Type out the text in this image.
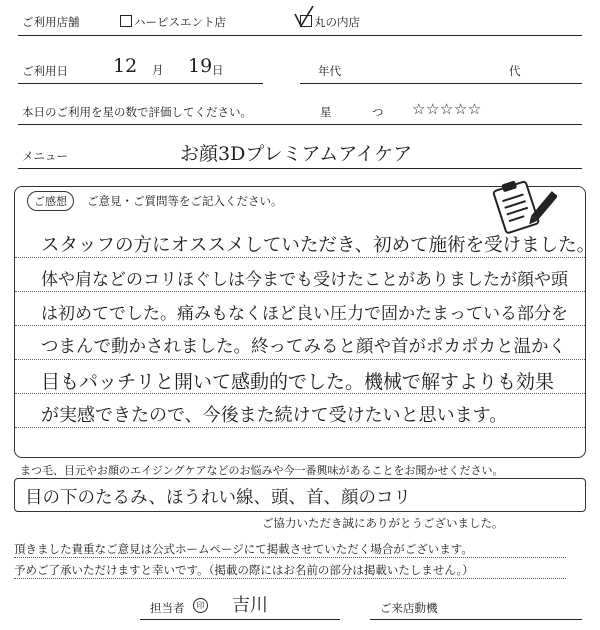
ご利用店舗	ハービスエント店	丸の内店
ご利用日 12 月 19 日	年代	代
本日のご利用を星の数で評価してください。	星	つ ☆☆☆☆☆
メニュー	お顔3Dプレミアムアイケア
ご感想	ご意見・ご質問等をご記入ください。
スタッフの方にオススメしていただき、初めて施術を受けました。
体や肩などのコリほぐしは今までも受けたことがありましたが顔や頭
は初めてでした。痛みもなくほど良い圧力で固かたまっている部分を
つまんで動かされました。終ってみると顔や首がポカポカと温かく
目もパッチリと開いて感動的でした。機械で解すよりも効果
が実感できたので、今後また続けて受けたいと思います。
まつ毛、目元やお顔のエイジングケアなどのお悩みや今一番興味があることをお聞かせください。
目の下のたるみ、ほうれい線、頭、首、顔のコリ
ご協力いただき誠にありがとうございました。
頂きました貴重なご意見は公式ホームページにて掲載させていただく場合がございます。
予めご了承いただけますと幸いです。（掲載の際にはお名前の部分は掲載いたしません。）
担当者	印 吉川	ご来店動機
